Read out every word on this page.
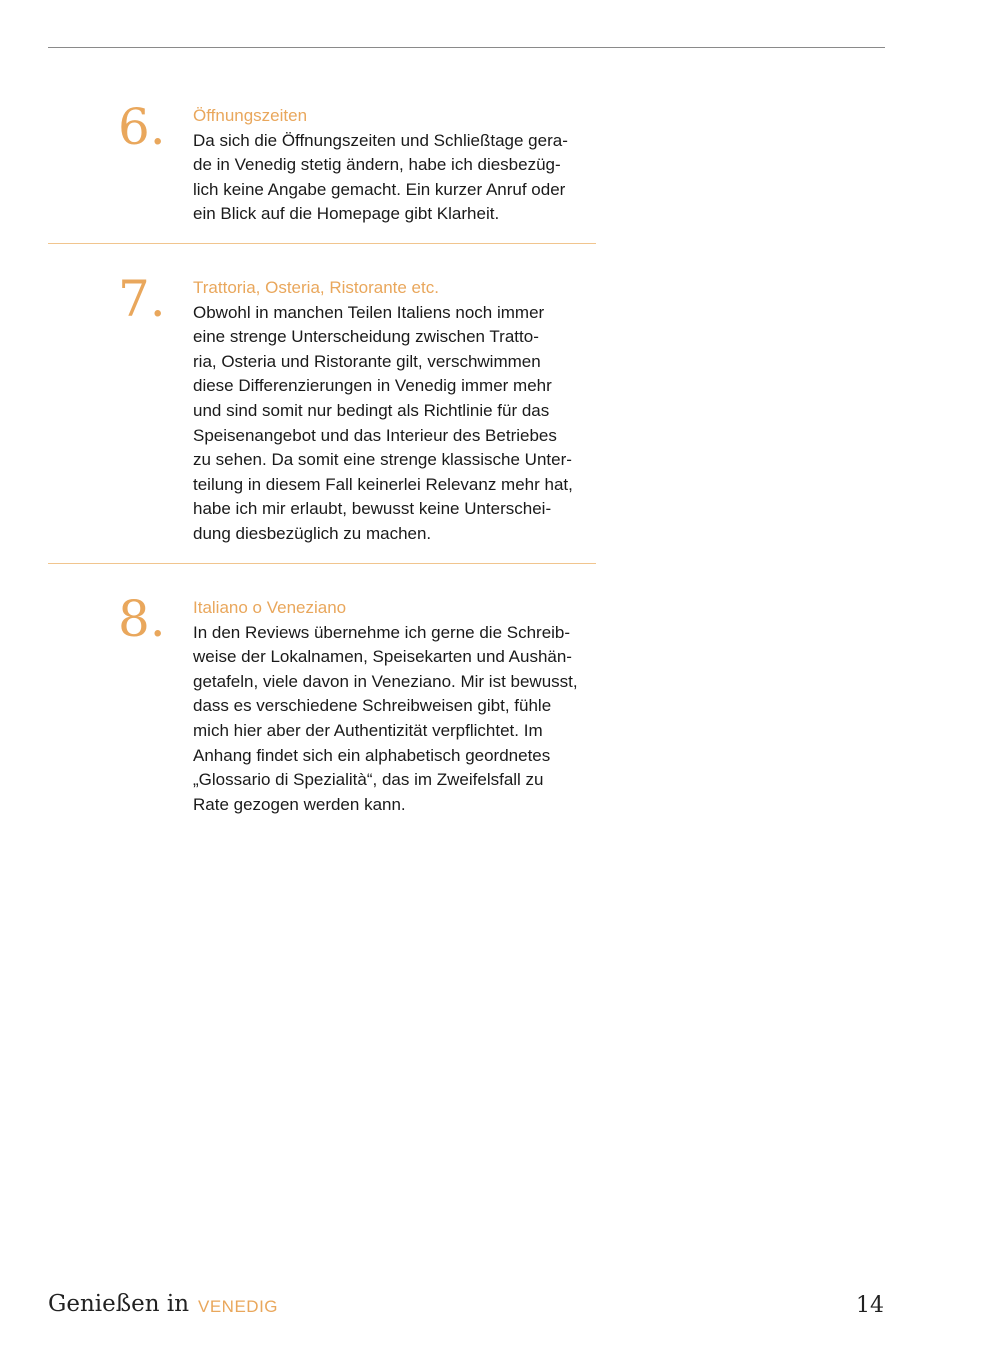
6. Öffnungszeiten

Da sich die Öffnungszeiten und Schließtage gera-
de in Venedig stetig ändern, habe ich diesbezüg-
lich keine Angabe gemacht. Ein kurzer Anruf oder
ein Blick auf die Homepage gibt Klarheit.

7. Trattoria, Osteria, Ristorante etc.

Obwohl in manchen Teilen Italiens noch immer
eine strenge Unterscheidung zwischen Tratto-
ria, Osteria und Ristorante gilt, verschwimmen
diese Differenzierungen in Venedig immer mehr
und sind somit nur bedingt als Richtlinie für das
Speisenangebot und das Interieur des Betriebes
zu sehen. Da somit eine strenge klassische Unter-
teilung in diesem Fall keinerlei Relevanz mehr hat,
habe ich mir erlaubt, bewusst keine Unterschei-
dung diesbezüglich zu machen.

8. Italiano o Veneziano

In den Reviews übernehme ich gerne die Schreib-
weise der Lokalnamen, Speisekarten und Aushän-
getafeln, viele davon in Veneziano. Mir ist bewusst,
dass es verschiedene Schreibweisen gibt, fühle
mich hier aber der Authentizität verpflichtet. Im
Anhang findet sich ein alphabetisch geordnetes
„Glossario di Spezialità“, das im Zweifelsfall zu
Rate gezogen werden kann.

Genießen in VENEDIG	14
